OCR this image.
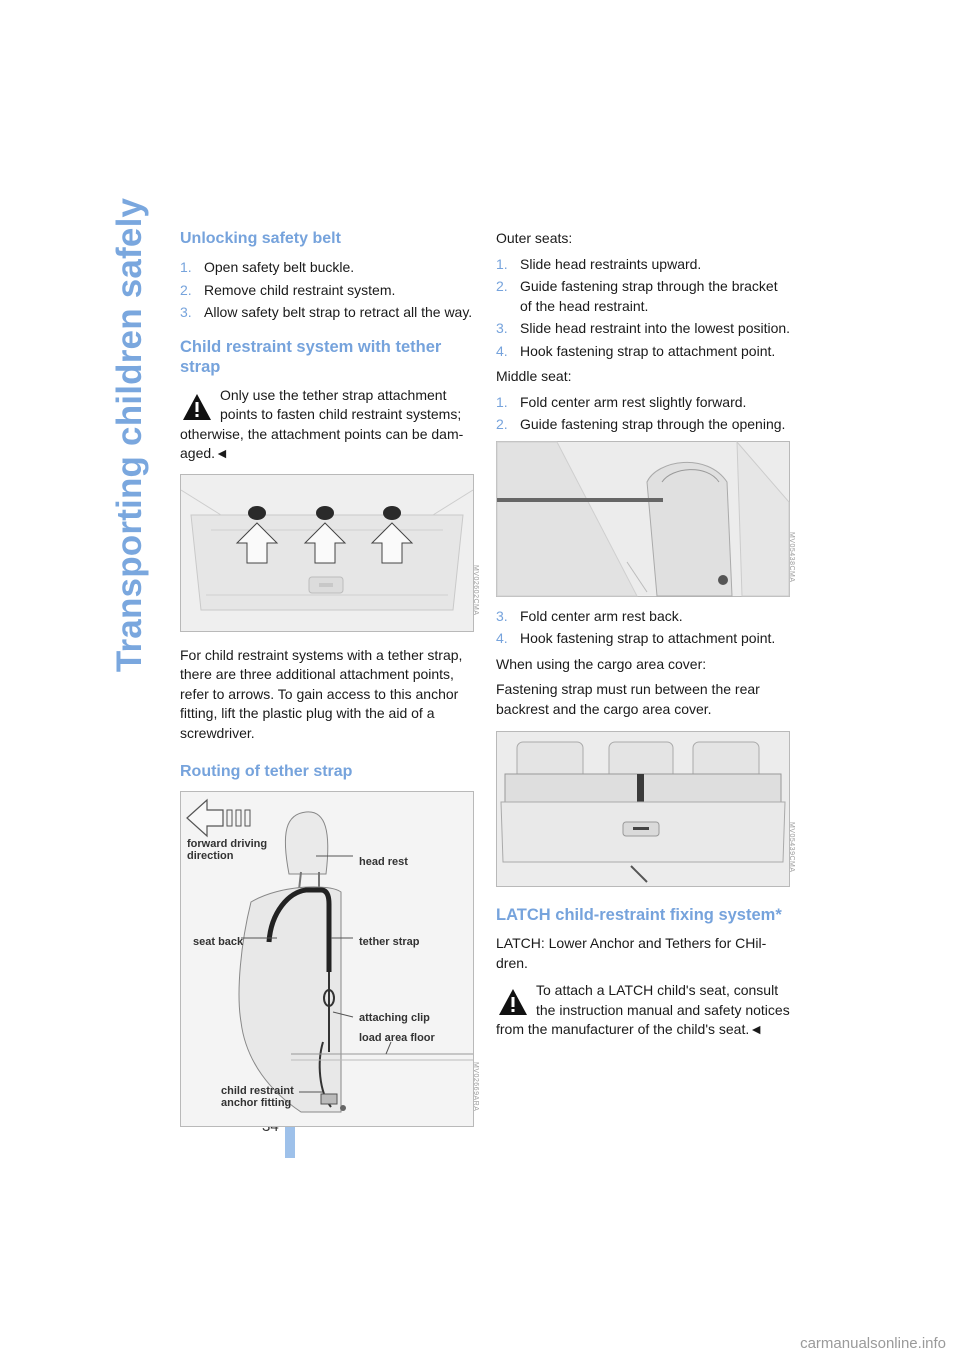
Transporting children safely Unlocking safety belt
1. Open safety belt buckle.
2. Remove child restraint system.
3. Allow safety belt strap to retract all the way.
Child restraint system with tether strap
Only use the tether strap attachment points to fasten child restraint systems; otherwise, the attachment points can be dam-aged.◄
MV02602CMA

For child restraint systems with a tether strap, there are three additional attachment points, refer to arrows. To gain access to this anchor fitting, lift the plastic plug with the aid of a screwdriver.

Routing of tether strap
forward driving
direction	head rest
seat back	tether strap
attaching clip
load area floor
child restraint
anchor fitting	MV02669ARA

Outer seats:

1. Slide head restraints upward.
2. Guide fastening strap through the bracket of the head restraint.
3. Slide head restraint into the lowest position.
4. Hook fastening strap to attachment point.

Middle seat:

1. Fold center arm rest slightly forward.
2. Guide fastening strap through the opening.
MV05438CMA
3. Fold center arm rest back.
4. Hook fastening strap to attachment point.

When using the cargo area cover:

Fastening strap must run between the rear backrest and the cargo area cover.

MV05439CMA
LATCH child-restraint fixing system*

LATCH: Lower Anchor and Tethers for CHil-dren.

To attach a LATCH child's seat, consult the instruction manual and safety notices from the manufacturer of the child's seat.◄
carmanualsonline.info
